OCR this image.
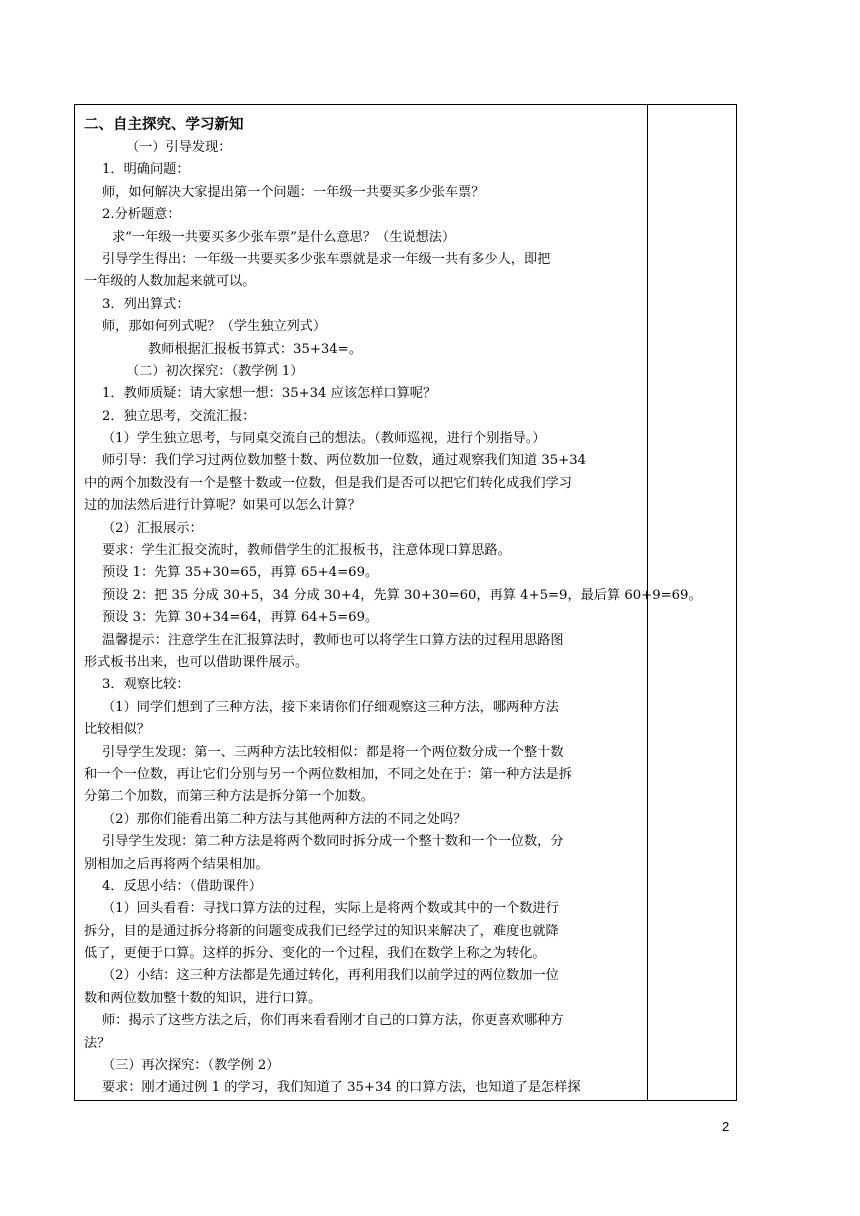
二、自主探究、学习新知
（一）引导发现：
1．明确问题：
师，如何解决大家提出第一个问题：一年级一共要买多少张车票？
2.分析题意：
求“一年级一共要买多少张车票”是什么意思？（生说想法）
引导学生得出：一年级一共要买多少张车票就是求一年级一共有多少人，即把
一年级的人数加起来就可以。
3．列出算式：
师，那如何列式呢？（学生独立列式）
教师根据汇报板书算式：35+34=。
（二）初次探究：（教学例 1）
1．教师质疑：请大家想一想：35+34 应该怎样口算呢？
2．独立思考，交流汇报：
（1）学生独立思考，与同桌交流自己的想法。（教师巡视，进行个别指导。）
师引导：我们学习过两位数加整十数、两位数加一位数，通过观察我们知道 35+34
中的两个加数没有一个是整十数或一位数，但是我们是否可以把它们转化成我们学习
过的加法然后进行计算呢？如果可以怎么计算？
（2）汇报展示：
要求：学生汇报交流时，教师借学生的汇报板书，注意体现口算思路。
预设 1：先算 35+30=65，再算 65+4=69。
预设 2：把 35 分成 30+5，34 分成 30+4，先算 30+30=60，再算 4+5=9，最后算 60+9=69。
预设 3：先算 30+34=64，再算 64+5=69。
温馨提示：注意学生在汇报算法时，教师也可以将学生口算方法的过程用思路图
形式板书出来，也可以借助课件展示。
3．观察比较：
（1）同学们想到了三种方法，接下来请你们仔细观察这三种方法，哪两种方法
比较相似？
引导学生发现：第一、三两种方法比较相似：都是将一个两位数分成一个整十数
和一个一位数，再让它们分别与另一个两位数相加，不同之处在于：第一种方法是拆
分第二个加数，而第三种方法是拆分第一个加数。
（2）那你们能看出第二种方法与其他两种方法的不同之处吗？
引导学生发现：第二种方法是将两个数同时拆分成一个整十数和一个一位数，分
别相加之后再将两个结果相加。
4．反思小结：（借助课件）
（1）回头看看：寻找口算方法的过程，实际上是将两个数或其中的一个数进行
拆分，目的是通过拆分将新的问题变成我们已经学过的知识来解决了，难度也就降
低了，更便于口算。这样的拆分、变化的一个过程，我们在数学上称之为转化。
（2）小结：这三种方法都是先通过转化，再利用我们以前学过的两位数加一位
数和两位数加整十数的知识，进行口算。
师：揭示了这些方法之后，你们再来看看刚才自己的口算方法，你更喜欢哪种方
法？
（三）再次探究：（教学例 2）
要求：刚才通过例 1 的学习，我们知道了 35+34 的口算方法，也知道了是怎样探
2
